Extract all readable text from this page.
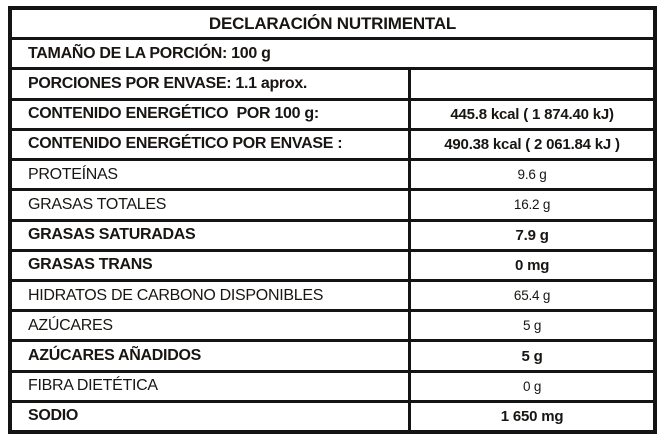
DECLARACIÓN NUTRIMENTAL
TAMAÑO DE LA PORCIÓN: 100 g
PORCIONES POR ENVASE: 1.1 aprox.
CONTENIDO ENERGÉTICO  POR 100 g:	445.8 kcal ( 1 874.40 kJ)
CONTENIDO ENERGÉTICO POR ENVASE :	490.38 kcal ( 2 061.84 kJ )
PROTEÍNAS	9.6 g
GRASAS TOTALES	16.2 g
GRASAS SATURADAS	7.9 g
GRASAS TRANS	0 mg
HIDRATOS DE CARBONO DISPONIBLES	65.4 g
AZÚCARES	5 g
AZÚCARES AÑADIDOS	5 g
FIBRA DIETÉTICA	0 g
SODIO	1 650 mg
